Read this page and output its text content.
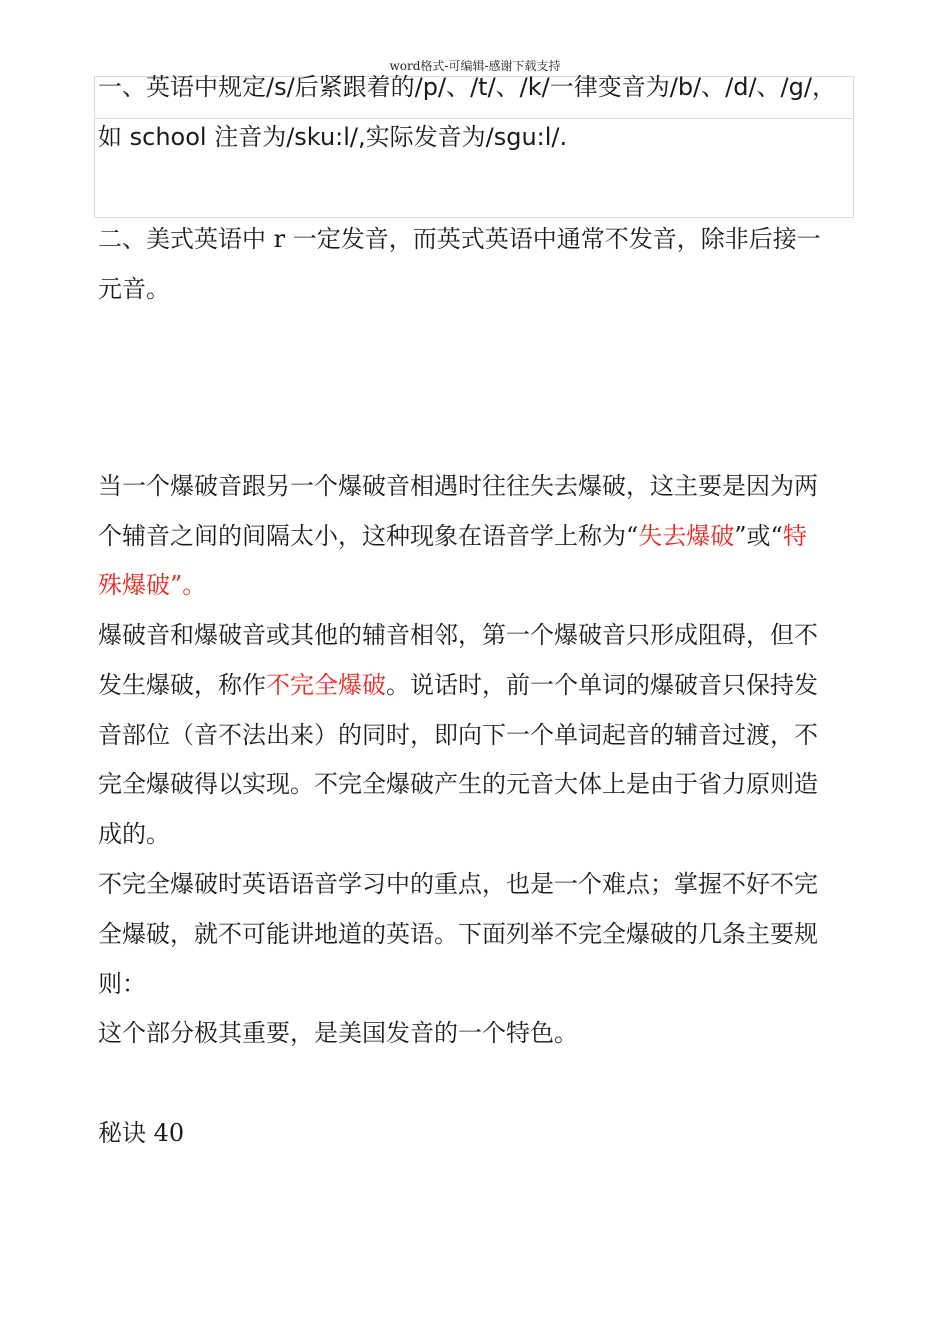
word格式-可编辑-感谢下载支持
一、英语中规定/s/后紧跟着的/p/、/t/、/k/一律变音为/b/、/d/、/g/，
如 school 注音为/sku:l/,实际发音为/sgu:l/.
二、美式英语中 r 一定发音，而英式英语中通常不发音，除非后接一
元音。
当一个爆破音跟另一个爆破音相遇时往往失去爆破，这主要是因为两
个辅音之间的间隔太小，这种现象在语音学上称为“失去爆破”或“特
殊爆破”。
爆破音和爆破音或其他的辅音相邻，第一个爆破音只形成阻碍，但不
发生爆破，称作不完全爆破。说话时，前一个单词的爆破音只保持发
音部位（音不法出来）的同时，即向下一个单词起音的辅音过渡，不
完全爆破得以实现。不完全爆破产生的元音大体上是由于省力原则造
成的。
不完全爆破时英语语音学习中的重点，也是一个难点；掌握不好不完
全爆破，就不可能讲地道的英语。下面列举不完全爆破的几条主要规
则：
这个部分极其重要，是美国发音的一个特色。
秘诀 40
